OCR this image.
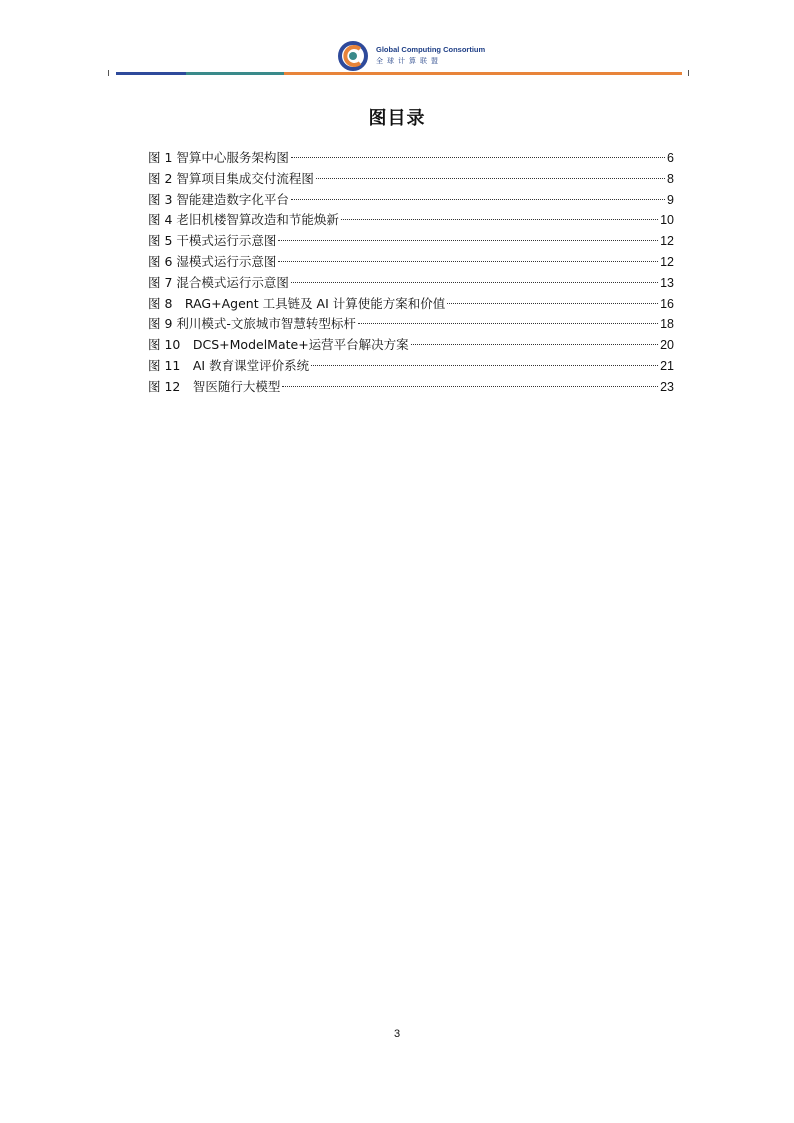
Global Computing Consortium
全球计算联盟
图目录
图 1 智算中心服务架构图	6
图 2 智算项目集成交付流程图	8
图 3 智能建造数字化平台	9
图 4 老旧机楼智算改造和节能焕新	10
图 5 干模式运行示意图	12
图 6 湿模式运行示意图	12
图 7 混合模式运行示意图	13
图 8　RAG+Agent 工具链及 AI 计算使能方案和价值	16
图 9 利川模式-文旅城市智慧转型标杆	18
图 10　DCS+ModelMate+运营平台解决方案	20
图 11　AI 教育课堂评价系统	21
图 12　智医随行大模型	23
3
